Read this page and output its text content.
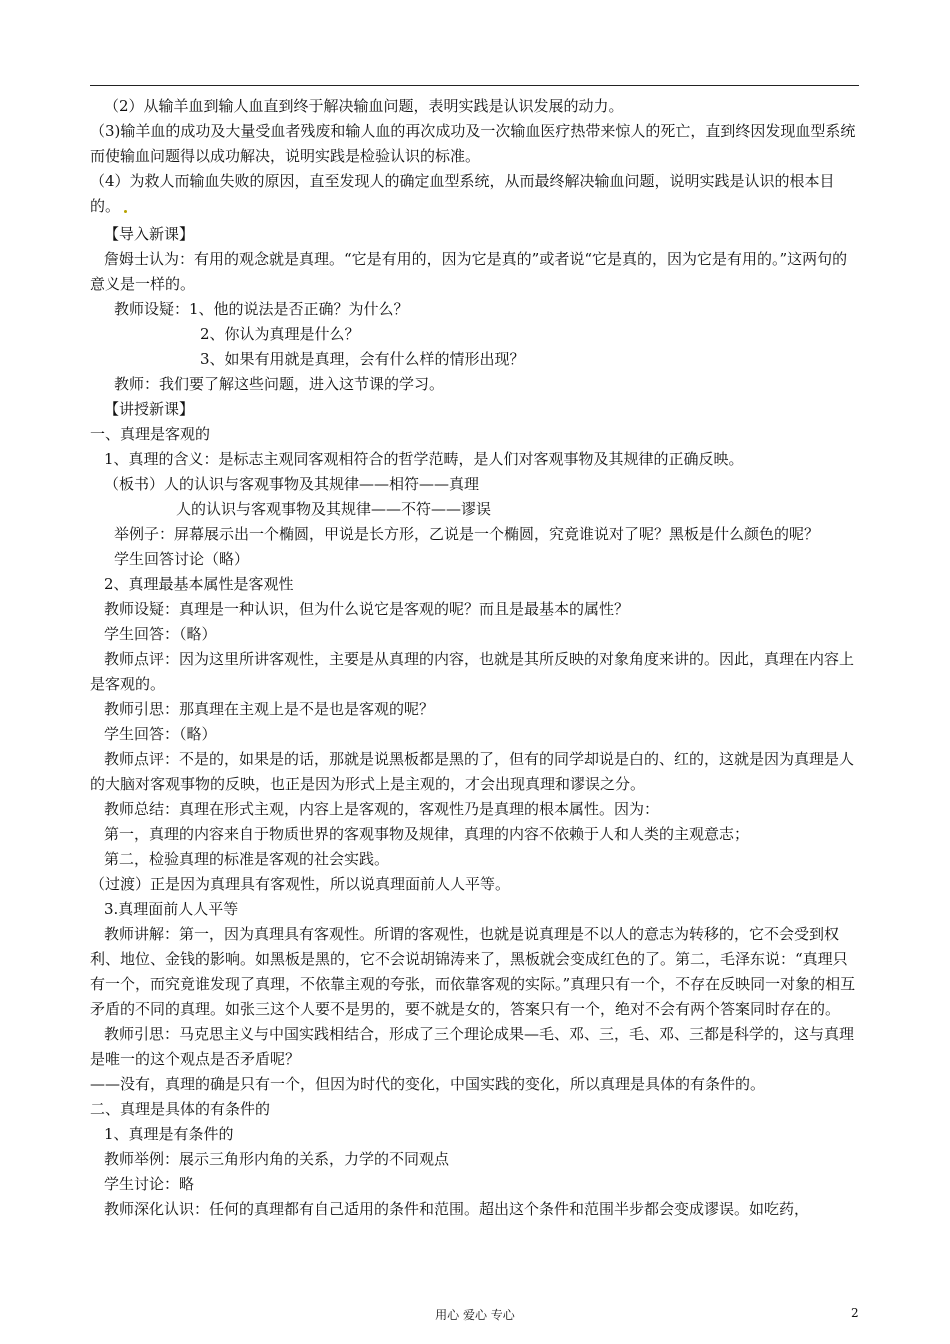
（2）从输羊血到输人血直到终于解决输血问题，表明实践是认识发展的动力。

（3)输羊血的成功及大量受血者残废和输人血的再次成功及一次输血医疗热带来惊人的死亡，直到终因发现血型系统而使输血问题得以成功解决，说明实践是检验认识的标准。

（4）为救人而输血失败的原因，直至发现人的确定血型系统，从而最终解决输血问题，说明实践是认识的根本目的。

【导入新课】

詹姆士认为：有用的观念就是真理。“它是有用的，因为它是真的”或者说“它是真的，因为它是有用的。”这两句的意义是一样的。

教师设疑：1、他的说法是否正确？为什么？

2、你认为真理是什么？

3、如果有用就是真理，会有什么样的情形出现？

教师：我们要了解这些问题，进入这节课的学习。

【讲授新课】

一、真理是客观的

1、真理的含义：是标志主观同客观相符合的哲学范畴，是人们对客观事物及其规律的正确反映。

（板书）人的认识与客观事物及其规律——相符——真理

人的认识与客观事物及其规律——不符——谬误

举例子：屏幕展示出一个椭圆，甲说是长方形，乙说是一个椭圆，究竟谁说对了呢？黑板是什么颜色的呢？

学生回答讨论（略）

2、真理最基本属性是客观性

教师设疑：真理是一种认识，但为什么说它是客观的呢？而且是最基本的属性？

学生回答：（略）

教师点评：因为这里所讲客观性，主要是从真理的内容，也就是其所反映的对象角度来讲的。因此，真理在内容上是客观的。

教师引思：那真理在主观上是不是也是客观的呢？

学生回答：（略）

教师点评：不是的，如果是的话，那就是说黑板都是黑的了，但有的同学却说是白的、红的，这就是因为真理是人的大脑对客观事物的反映，也正是因为形式上是主观的，才会出现真理和谬误之分。

教师总结：真理在形式主观，内容上是客观的，客观性乃是真理的根本属性。因为：

第一，真理的内容来自于物质世界的客观事物及规律，真理的内容不依赖于人和人类的主观意志；

第二，检验真理的标准是客观的社会实践。

（过渡）正是因为真理具有客观性，所以说真理面前人人平等。

3.真理面前人人平等

教师讲解：第一，因为真理具有客观性。所谓的客观性，也就是说真理是不以人的意志为转移的，它不会受到权利、地位、金钱的影响。如黑板是黑的，它不会说胡锦涛来了，黑板就会变成红色的了。第二，毛泽东说：“真理只有一个，而究竟谁发现了真理，不依靠主观的夸张，而依靠客观的实际。”真理只有一个，不存在反映同一对象的相互矛盾的不同的真理。如张三这个人要不是男的，要不就是女的，答案只有一个，绝对不会有两个答案同时存在的。

教师引思：马克思主义与中国实践相结合，形成了三个理论成果—毛、邓、三，毛、邓、三都是科学的，这与真理是唯一的这个观点是否矛盾呢？

——没有，真理的确是只有一个，但因为时代的变化，中国实践的变化，所以真理是具体的有条件的。

二、真理是具体的有条件的

1、真理是有条件的

教师举例：展示三角形内角的关系，力学的不同观点

学生讨论：略

教师深化认识：任何的真理都有自己适用的条件和范围。超出这个条件和范围半步都会变成谬误。如吃药，

用心 爱心 专心	2
